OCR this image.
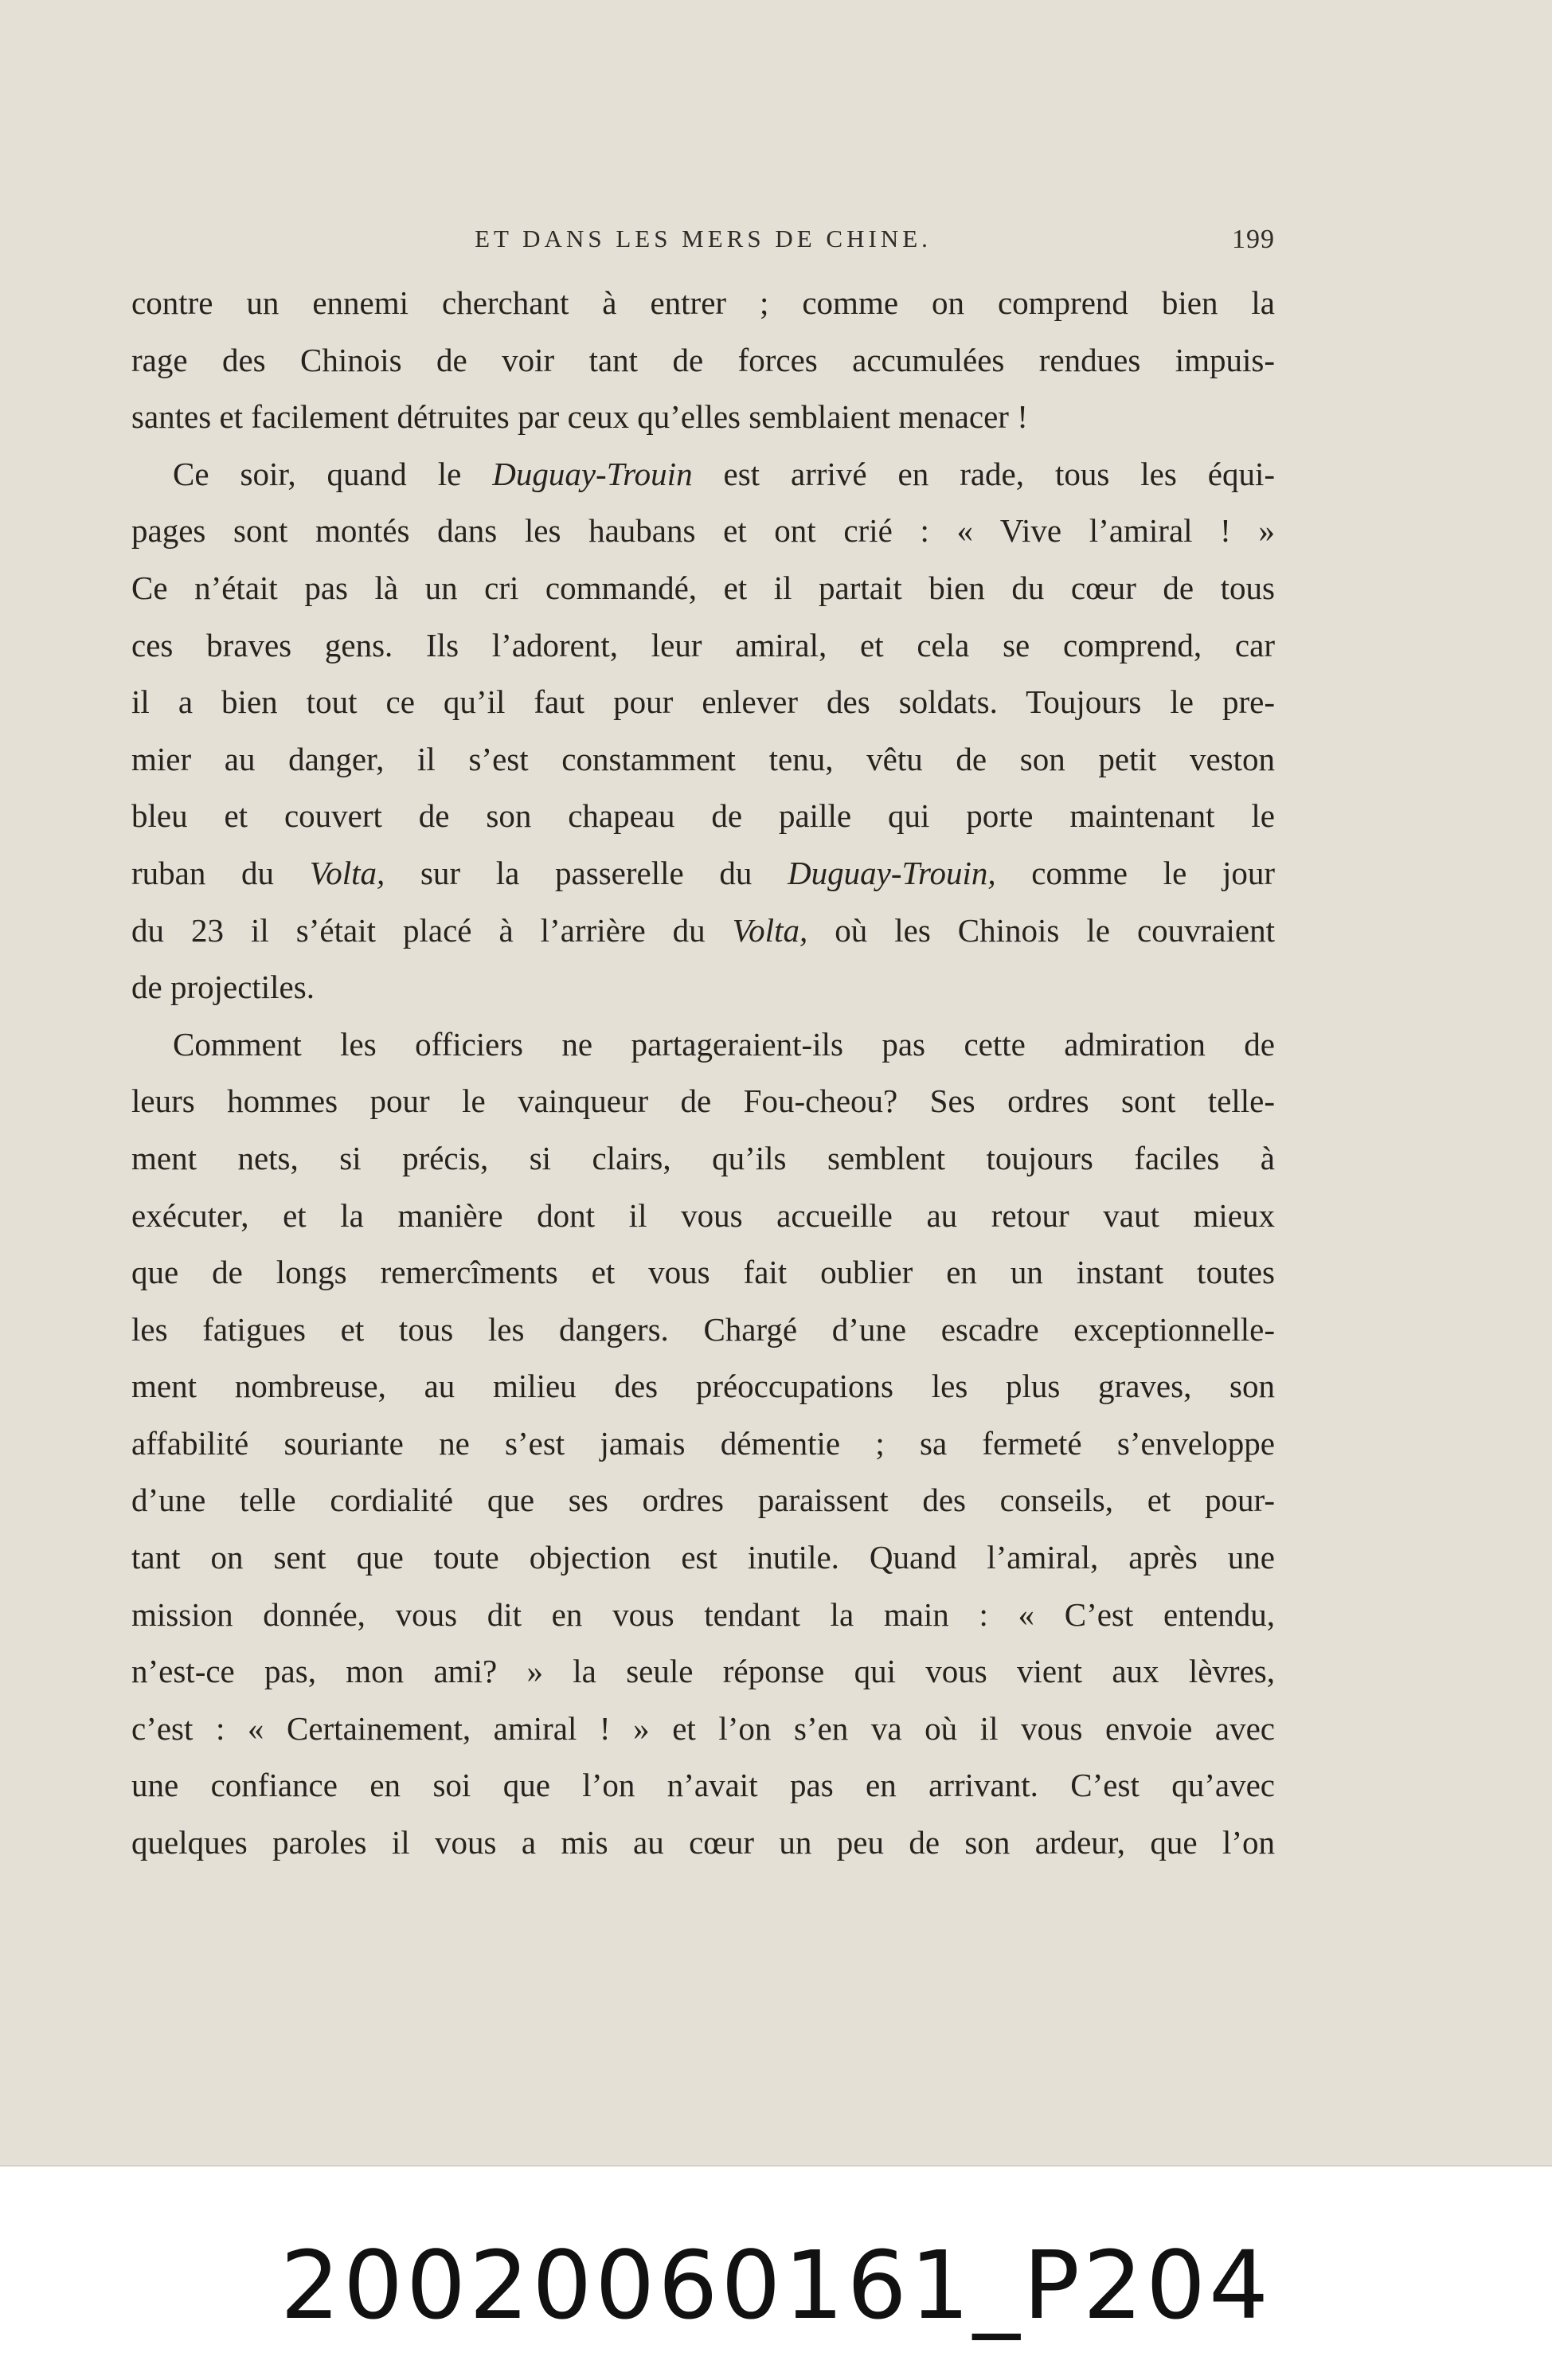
ET DANS LES MERS DE CHINE.	199
contre un ennemi cherchant à entrer ; comme on comprend bien la
rage des Chinois de voir tant de forces accumulées rendues impuis-
santes et facilement détruites par ceux qu’elles semblaient menacer !
Ce soir, quand le Duguay-Trouin est arrivé en rade, tous les équi-
pages sont montés dans les haubans et ont crié : « Vive l’amiral ! »
Ce n’était pas là un cri commandé, et il partait bien du cœur de tous
ces braves gens. Ils l’adorent, leur amiral, et cela se comprend, car
il a bien tout ce qu’il faut pour enlever des soldats. Toujours le pre-
mier au danger, il s’est constamment tenu, vêtu de son petit veston
bleu et couvert de son chapeau de paille qui porte maintenant le
ruban du Volta, sur la passerelle du Duguay-Trouin, comme le jour
du 23 il s’était placé à l’arrière du Volta, où les Chinois le couvraient
de projectiles.
Comment les officiers ne partageraient-ils pas cette admiration de
leurs hommes pour le vainqueur de Fou-cheou? Ses ordres sont telle-
ment nets, si précis, si clairs, qu’ils semblent toujours faciles à
exécuter, et la manière dont il vous accueille au retour vaut mieux
que de longs remercîments et vous fait oublier en un instant toutes
les fatigues et tous les dangers. Chargé d’une escadre exceptionnelle-
ment nombreuse, au milieu des préoccupations les plus graves, son
affabilité souriante ne s’est jamais démentie ; sa fermeté s’enveloppe
d’une telle cordialité que ses ordres paraissent des conseils, et pour-
tant on sent que toute objection est inutile. Quand l’amiral, après une
mission donnée, vous dit en vous tendant la main : « C’est entendu,
n’est-ce pas, mon ami? » la seule réponse qui vous vient aux lèvres,
c’est : « Certainement, amiral ! » et l’on s’en va où il vous envoie avec
une confiance en soi que l’on n’avait pas en arrivant. C’est qu’avec
quelques paroles il vous a mis au cœur un peu de son ardeur, que l’on
20020060161_P204
